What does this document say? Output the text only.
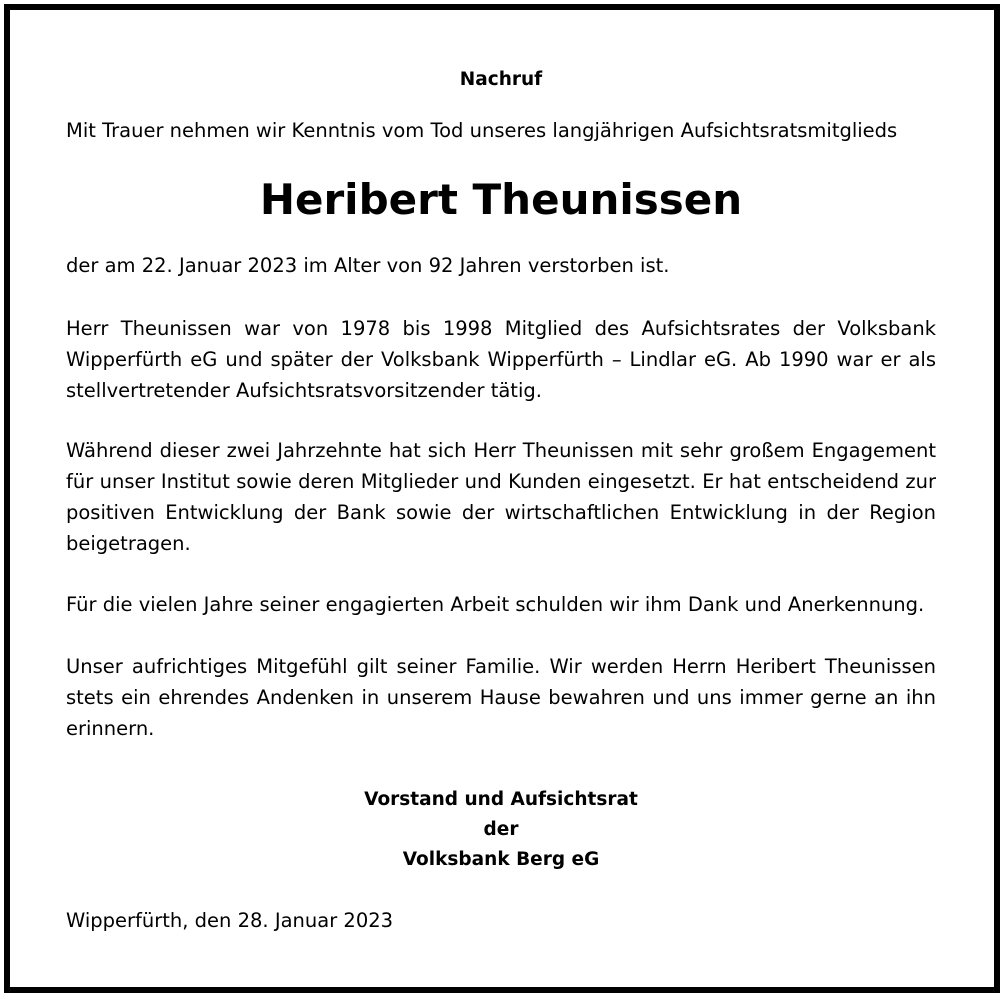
Nachruf
Mit Trauer nehmen wir Kenntnis vom Tod unseres langjährigen Aufsichtsratsmitglieds
Heribert Theunissen
der am 22. Januar 2023 im Alter von 92 Jahren verstorben ist.

Herr Theunissen war von 1978 bis 1998 Mitglied des Aufsichtsrates der Volksbank Wipperfürth eG und später der Volksbank Wipperfürth – Lindlar eG. Ab 1990 war er als stellvertretender Aufsichtsratsvorsitzender tätig.

Während dieser zwei Jahrzehnte hat sich Herr Theunissen mit sehr großem Engagement für unser Institut sowie deren Mitglieder und Kunden eingesetzt. Er hat entscheidend zur positiven Entwicklung der Bank sowie der wirtschaftlichen Entwicklung in der Region beigetragen.

Für die vielen Jahre seiner engagierten Arbeit schulden wir ihm Dank und Anerkennung.

Unser aufrichtiges Mitgefühl gilt seiner Familie. Wir werden Herrn Heribert Theunissen stets ein ehrendes Andenken in unserem Hause bewahren und uns immer gerne an ihn erinnern.

Vorstand und Aufsichtsrat
der
Volksbank Berg eG
Wipperfürth, den 28. Januar 2023
